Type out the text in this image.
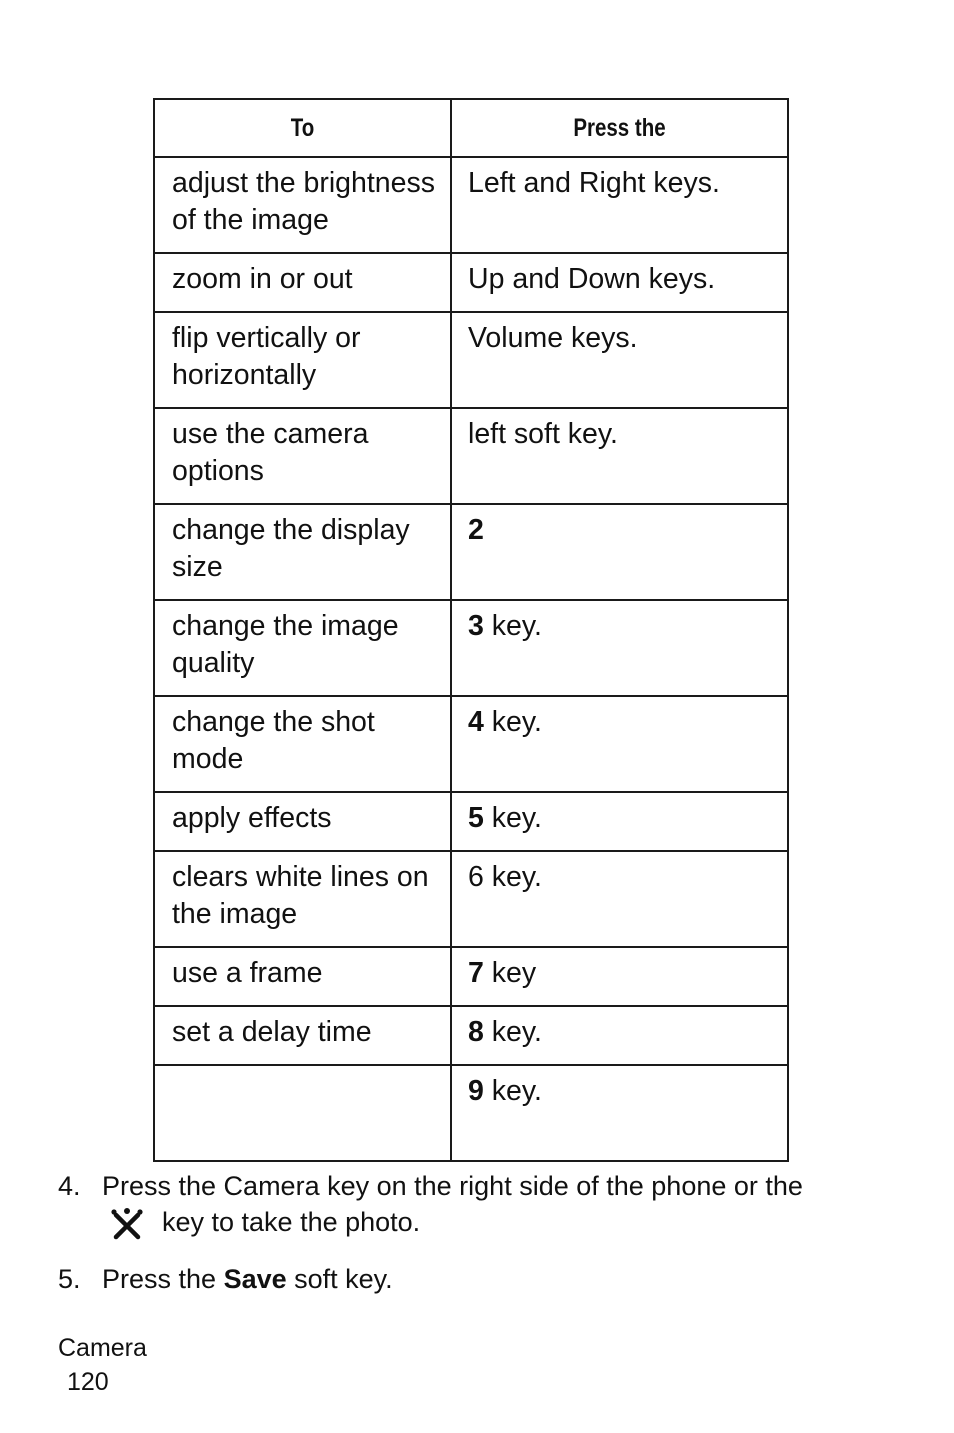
To	Press the
adjust the brightness of the image	Left and Right keys.
zoom in or out	Up and Down keys.
flip vertically or horizontally	Volume keys.
use the camera options	left soft key.
change the display size	2
change the image quality	3 key.
change the shot mode	4 key.
apply effects	5 key.
clears white lines on the image	6 key.
use a frame	7 key
set a delay time	8 key.
	9 key.
4. Press the Camera key on the right side of the phone or the
key to take the photo.
5. Press the Save soft key.
Camera
120
